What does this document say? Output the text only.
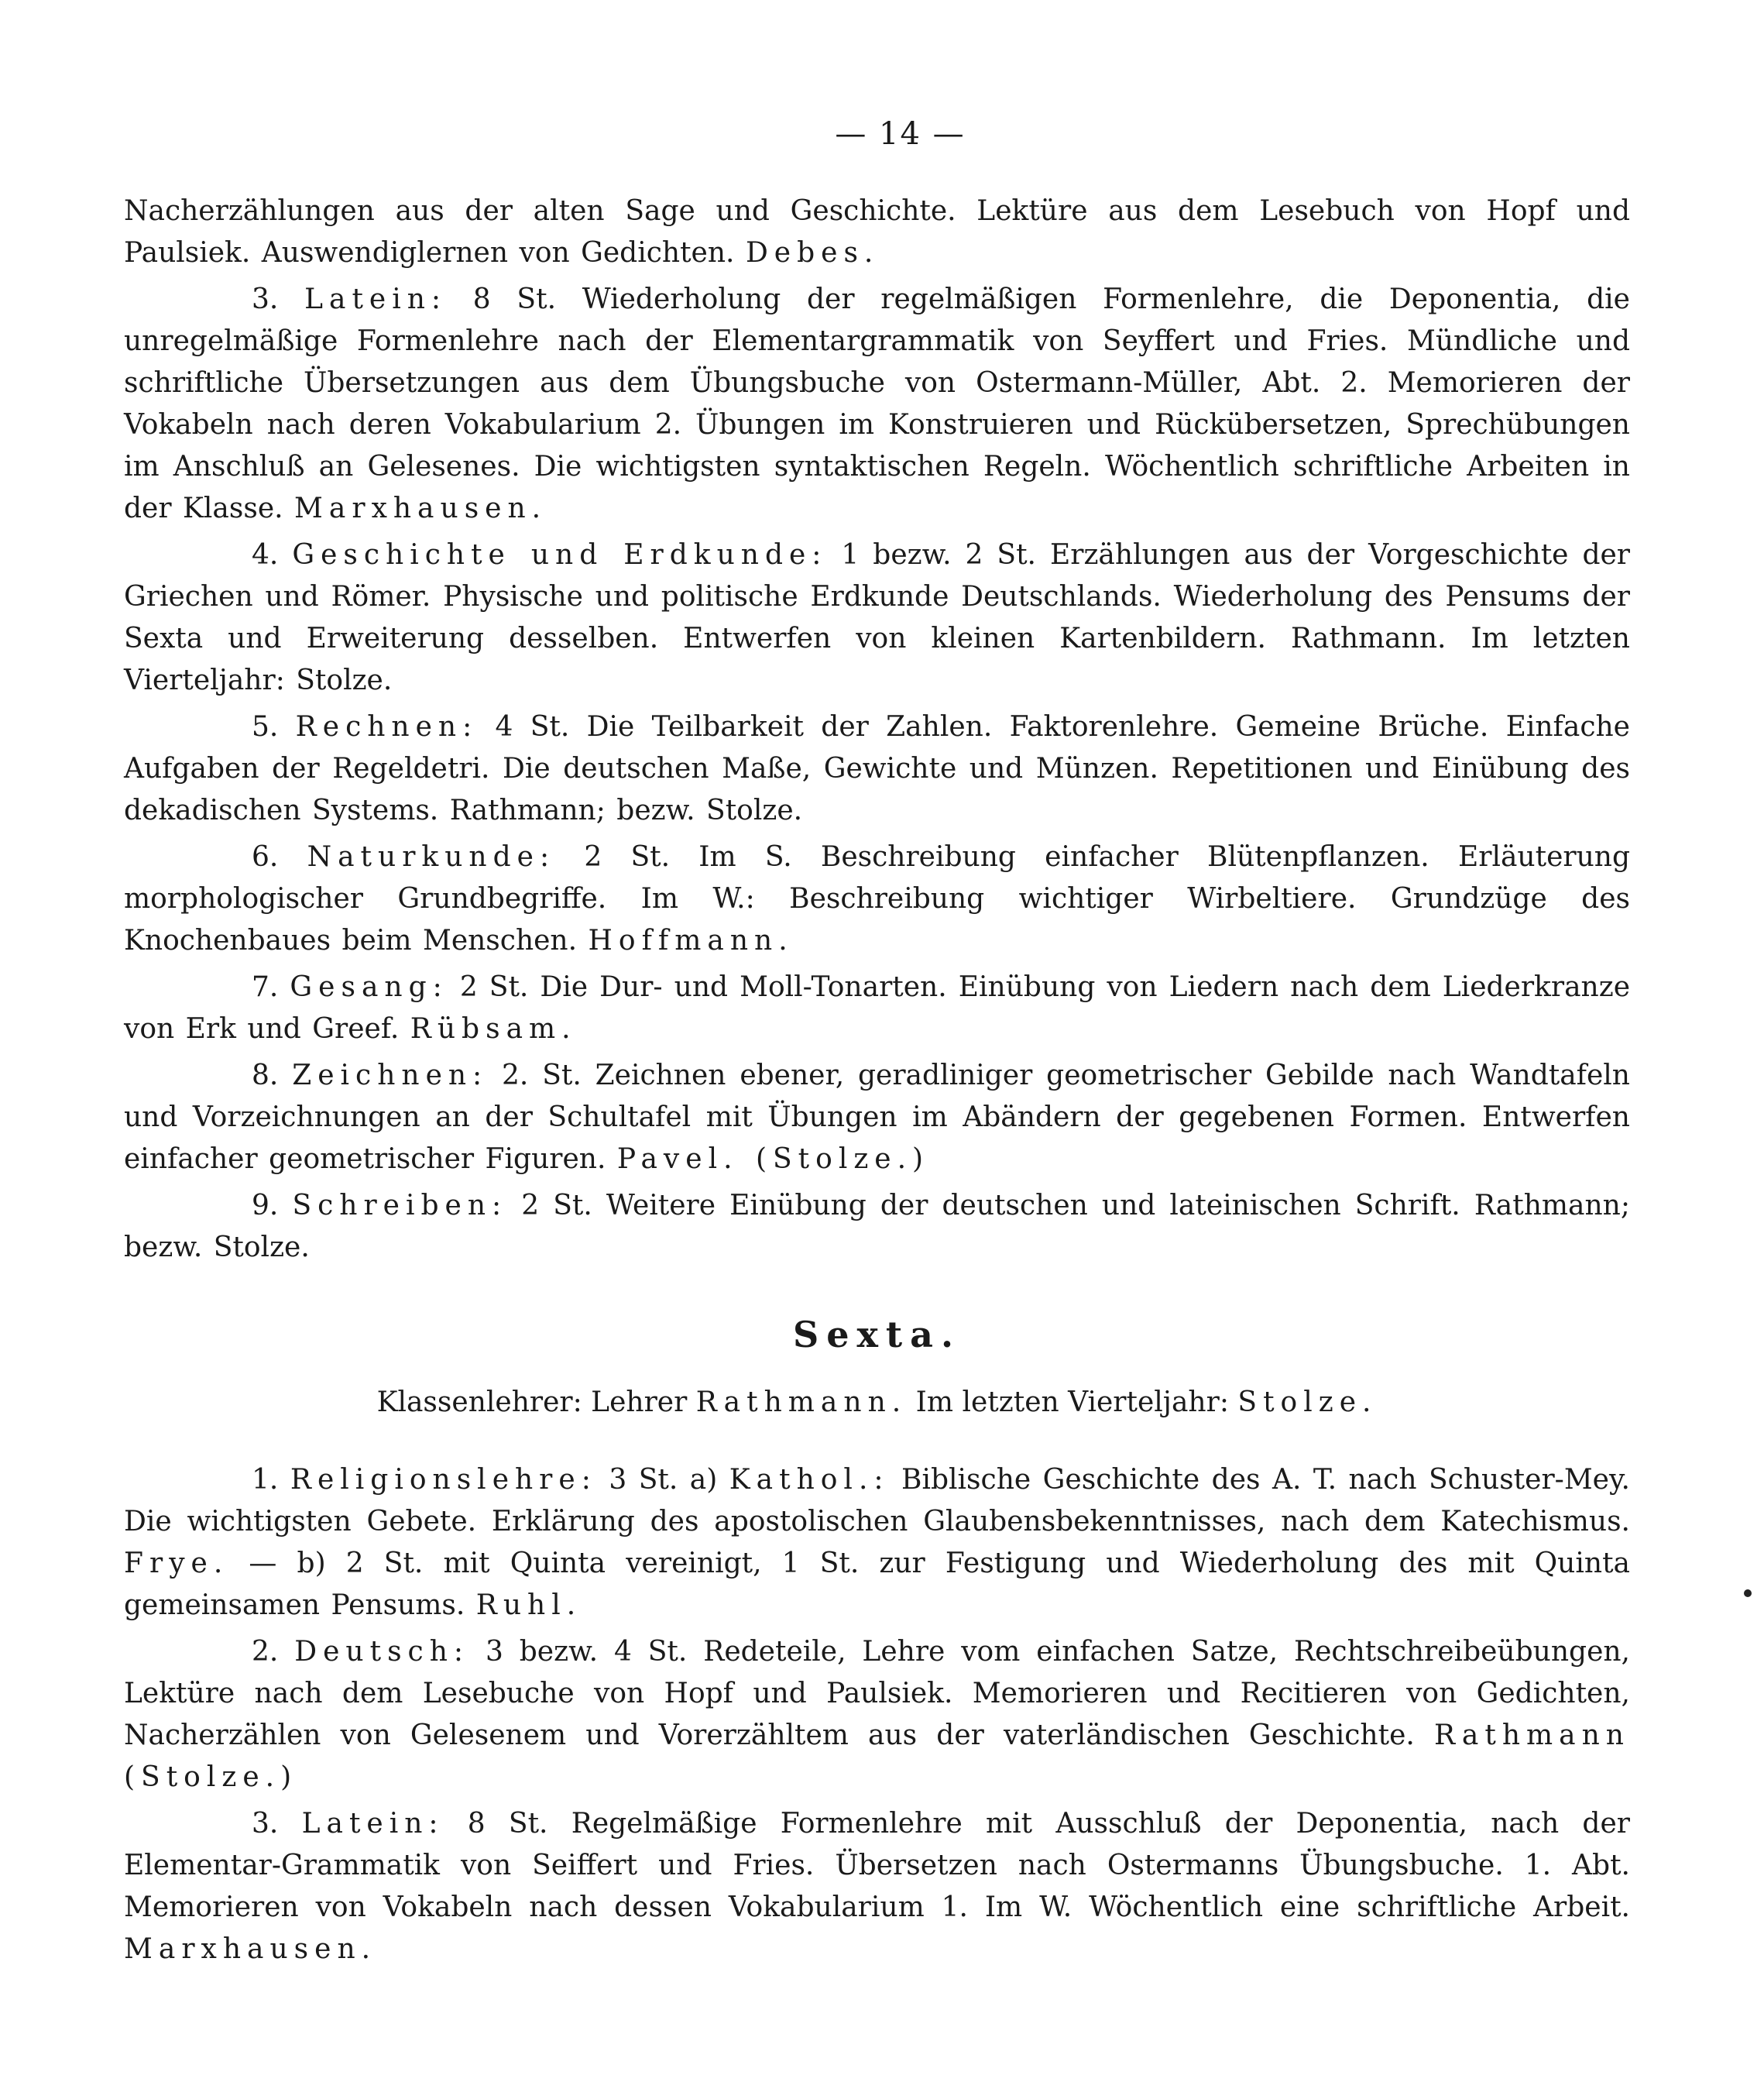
— 14 —

Nacherzählungen aus der alten Sage und Geschichte. Lektüre aus dem Lesebuch von Hopf und Paulsiek. Auswendiglernen von Gedichten. Debes.

3. Latein: 8 St. Wiederholung der regelmäßigen Formenlehre, die Deponentia, die unregelmäßige Formenlehre nach der Elementargrammatik von Seyffert und Fries. Mündliche und schriftliche Übersetzungen aus dem Übungsbuche von Ostermann-Müller, Abt. 2. Memorieren der Vokabeln nach deren Vokabularium 2. Übungen im Konstruieren und Rückübersetzen, Sprechübungen im Anschluß an Gelesenes. Die wichtigsten syntaktischen Regeln. Wöchentlich schriftliche Arbeiten in der Klasse. Marxhausen.

4. Geschichte und Erdkunde: 1 bezw. 2 St. Erzählungen aus der Vorgeschichte der Griechen und Römer. Physische und politische Erdkunde Deutschlands. Wiederholung des Pensums der Sexta und Erweiterung desselben. Entwerfen von kleinen Kartenbildern. Rathmann. Im letzten Vierteljahr: Stolze.

5. Rechnen: 4 St. Die Teilbarkeit der Zahlen. Faktorenlehre. Gemeine Brüche. Einfache Aufgaben der Regeldetri. Die deutschen Maße, Gewichte und Münzen. Repetitionen und Einübung des dekadischen Systems. Rathmann; bezw. Stolze.

6. Naturkunde: 2 St. Im S. Beschreibung einfacher Blütenpflanzen. Erläuterung morphologischer Grundbegriffe. Im W.: Beschreibung wichtiger Wirbeltiere. Grundzüge des Knochenbaues beim Menschen. Hoffmann.

7. Gesang: 2 St. Die Dur- und Moll-Tonarten. Einübung von Liedern nach dem Liederkranze von Erk und Greef. Rübsam.

8. Zeichnen: 2. St. Zeichnen ebener, geradliniger geometrischer Gebilde nach Wandtafeln und Vorzeichnungen an der Schultafel mit Übungen im Abändern der gegebenen Formen. Entwerfen einfacher geometrischer Figuren. Pavel. (Stolze.)

9. Schreiben: 2 St. Weitere Einübung der deutschen und lateinischen Schrift. Rathmann; bezw. Stolze.

Sexta.
Klassenlehrer: Lehrer Rathmann. Im letzten Vierteljahr: Stolze.

1. Religionslehre: 3 St. a) Kathol.: Biblische Geschichte des A. T. nach Schuster-Mey. Die wichtigsten Gebete. Erklärung des apostolischen Glaubensbekenntnisses, nach dem Katechismus. Frye. — b) 2 St. mit Quinta vereinigt, 1 St. zur Festigung und Wiederholung des mit Quinta gemeinsamen Pensums. Ruhl.

2. Deutsch: 3 bezw. 4 St. Redeteile, Lehre vom einfachen Satze, Rechtschreibeübungen, Lektüre nach dem Lesebuche von Hopf und Paulsiek. Memorieren und Recitieren von Gedichten, Nacherzählen von Gelesenem und Vorerzähltem aus der vaterländischen Geschichte. Rathmann (Stolze.)

3. Latein: 8 St. Regelmäßige Formenlehre mit Ausschluß der Deponentia, nach der Elementar-Grammatik von Seiffert und Fries. Übersetzen nach Ostermanns Übungsbuche. 1. Abt. Memorieren von Vokabeln nach dessen Vokabularium 1. Im W. Wöchentlich eine schriftliche Arbeit. Marxhausen.
